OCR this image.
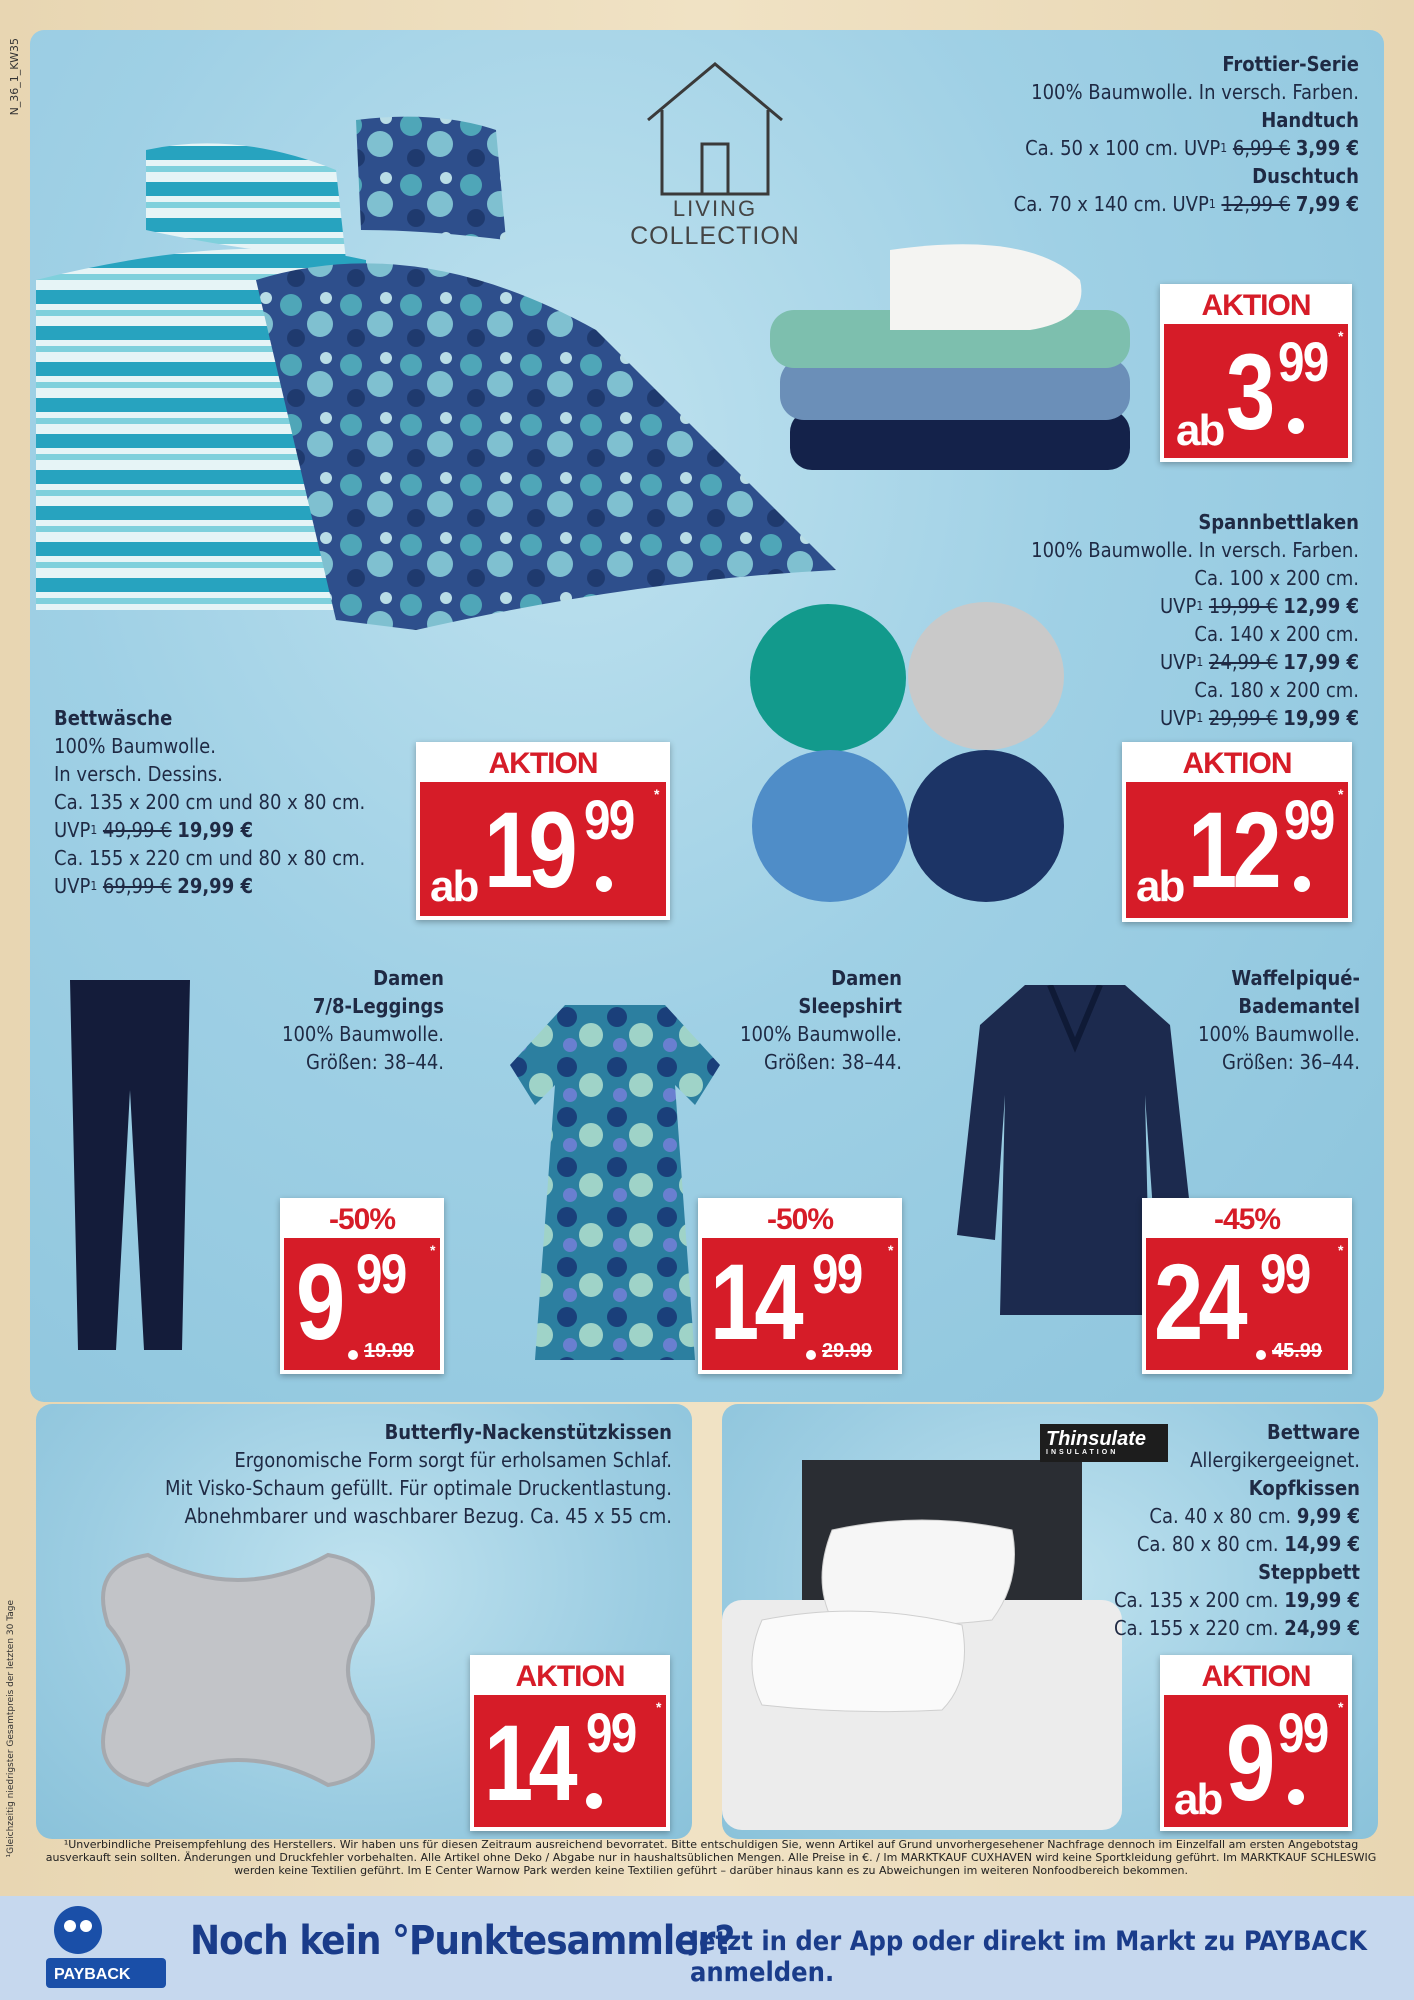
N_36_1_KW35
¹Gleichzeitig niedrigster Gesamtpreis der letzten 30 Tage
LIVING
COLLECTION
Frottier-Serie
100% Baumwolle. In versch. Farben.
Handtuch
Ca. 50 x 100 cm. UVP$^1$ 6,99 € 3,99 €
Duschtuch
Ca. 70 x 140 cm. UVP$^1$ 12,99 € 7,99 €
AKTION
ab 3 99 *
Spannbettlaken
100% Baumwolle. In versch. Farben.
Ca. 100 x 200 cm.
UVP$^1$ 19,99 € 12,99 €
Ca. 140 x 200 cm.
UVP$^1$ 24,99 € 17,99 €
Ca. 180 x 200 cm.
UVP$^1$ 29,99 € 19,99 €
AKTION
ab 12 99 *
Bettwäsche
100% Baumwolle.
In versch. Dessins.
Ca. 135 x 200 cm und 80 x 80 cm.
UVP$^1$ 49,99 € 19,99 €
Ca. 155 x 220 cm und 80 x 80 cm.
UVP$^1$ 69,99 € 29,99 €
AKTION
ab 19 99 *
Damen
7/8-Leggings
100% Baumwolle.
Größen: 38–44.
-50%
9 99
19.99
*
Damen
Sleepshirt
100% Baumwolle.
Größen: 38–44.
-50%
14 99
29.99
*
Waffelpiqué-
Bademantel
100% Baumwolle.
Größen: 36–44.
-45%
24 99
45.99
*
Butterfly-Nackenstützkissen
Ergonomische Form sorgt für erholsamen Schlaf.
Mit Visko-Schaum gefüllt. Für optimale Druckentlastung.
Abnehmbarer und waschbarer Bezug. Ca. 45 x 55 cm.
AKTION
14 99 *
Thinsulate
INSULATION
Bettware
Allergikergeeignet.
Kopfkissen
Ca. 40 x 80 cm. 9,99 €
Ca. 80 x 80 cm. 14,99 €
Steppbett
Ca. 135 x 200 cm. 19,99 €
Ca. 155 x 220 cm. 24,99 €
AKTION
ab 9 99 *
¹Unverbindliche Preisempfehlung des Herstellers. Wir haben uns für diesen Zeitraum ausreichend bevorratet. Bitte entschuldigen Sie, wenn Artikel auf Grund unvorhergesehener Nachfrage dennoch im Einzelfall am ersten Angebotstag ausverkauft sein sollten. Änderungen und Druckfehler vorbehalten. Alle Artikel ohne Deko / Abgabe nur in haushaltsüblichen Mengen. Alle Preise in €. / Im MARKTKAUF CUXHAVEN wird keine Sportkleidung geführt. Im MARKTKAUF SCHLESWIG werden keine Textilien geführt. Im E Center Warnow Park werden keine Textilien geführt – darüber hinaus kann es zu Abweichungen im weiteren Nonfoodbereich bekommen.
PAYBACK
Noch kein °Punktesammler?
Jetzt in der App oder direkt im Markt zu PAYBACK anmelden.
